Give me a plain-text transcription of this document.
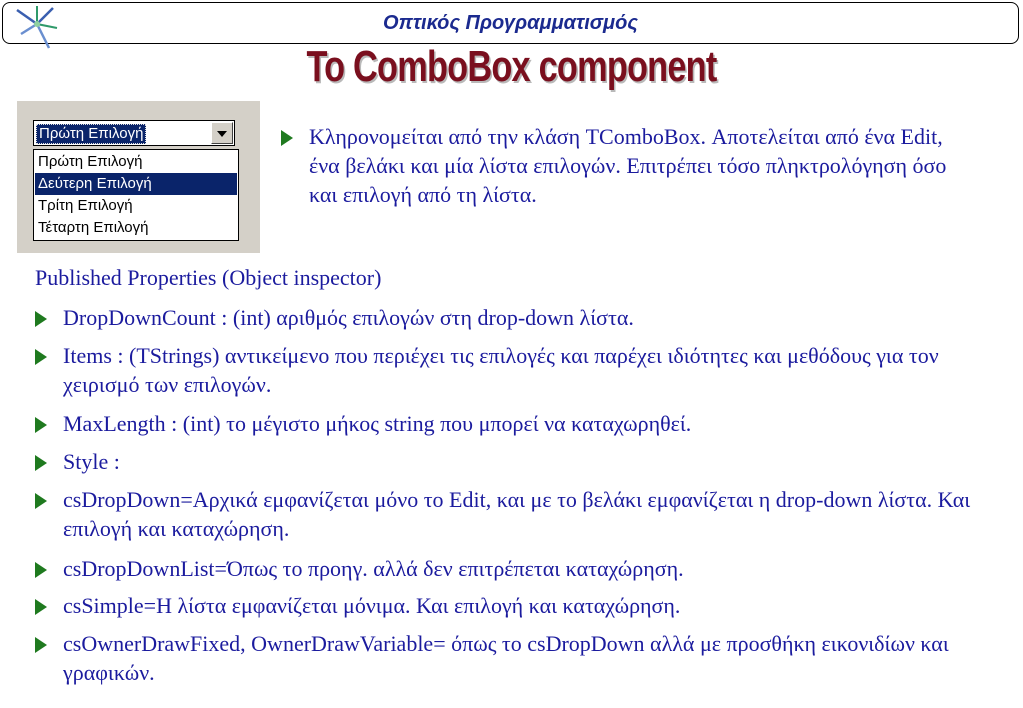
Οπτικός Προγραμματισμός
To ComboBox component
Πρώτη Επιλογή
Πρώτη Επιλογή
Δεύτερη Επιλογή
Τρίτη Επιλογή
Τέταρτη Επιλογή
Κληρονομείται από την κλάση TComboBox. Αποτελείται από ένα Edit, ένα βελάκι και μία λίστα επιλογών. Επιτρέπει τόσο πληκτρολόγηση όσο και επιλογή από τη λίστα.
Published Properties (Object inspector)
DropDownCount : (int) αριθμός επιλογών στη drop-down λίστα.
Items : (TStrings) αντικείμενο που περιέχει τις επιλογές και παρέχει ιδιότητες και μεθόδους για τον χειρισμό των επιλογών.
MaxLength : (int) το μέγιστο μήκος string που μπορεί να καταχωρηθεί.
Style :
csDropDown=Αρχικά εμφανίζεται μόνο το Edit, και με το βελάκι εμφανίζεται η drop-down λίστα. Και επιλογή και καταχώρηση.
csDropDownList=Όπως το προηγ. αλλά δεν επιτρέπεται καταχώρηση.
csSimple=Η λίστα εμφανίζεται μόνιμα. Και επιλογή και καταχώρηση.
csOwnerDrawFixed, OwnerDrawVariable= όπως το csDropDown αλλά με προσθήκη εικονιδίων και γραφικών.
